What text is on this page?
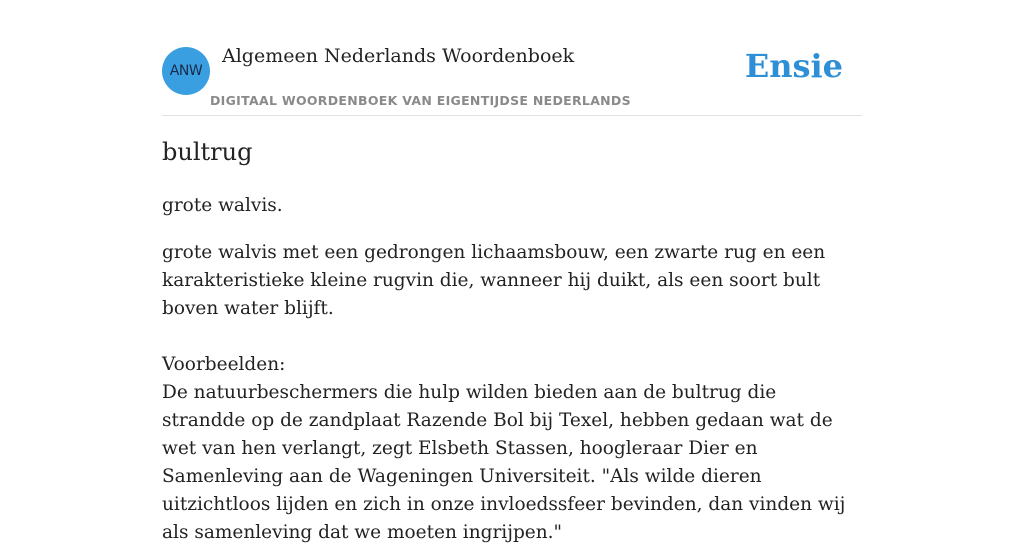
ANW
Algemeen Nederlands Woordenboek
DIGITAAL WOORDENBOEK VAN EIGENTIJDSE NEDERLANDS
Ensie
bultrug

grote walvis.

grote walvis met een gedrongen lichaamsbouw, een zwarte rug en een karakteristieke kleine rugvin die, wanneer hij duikt, als een soort bult boven water blijft.

Voorbeelden:

De natuurbeschermers die hulp wilden bieden aan de bultrug die strandde op de zandplaat Razende Bol bij Texel, hebben gedaan wat de wet van hen verlangt, zegt Elsbeth Stassen, hoogleraar Dier en Samenleving aan de Wageningen Universiteit. "Als wilde dieren uitzichtloos lijden en zich in onze invloedssfeer bevinden, dan vinden wij als samenleving dat we moeten ingrijpen."
